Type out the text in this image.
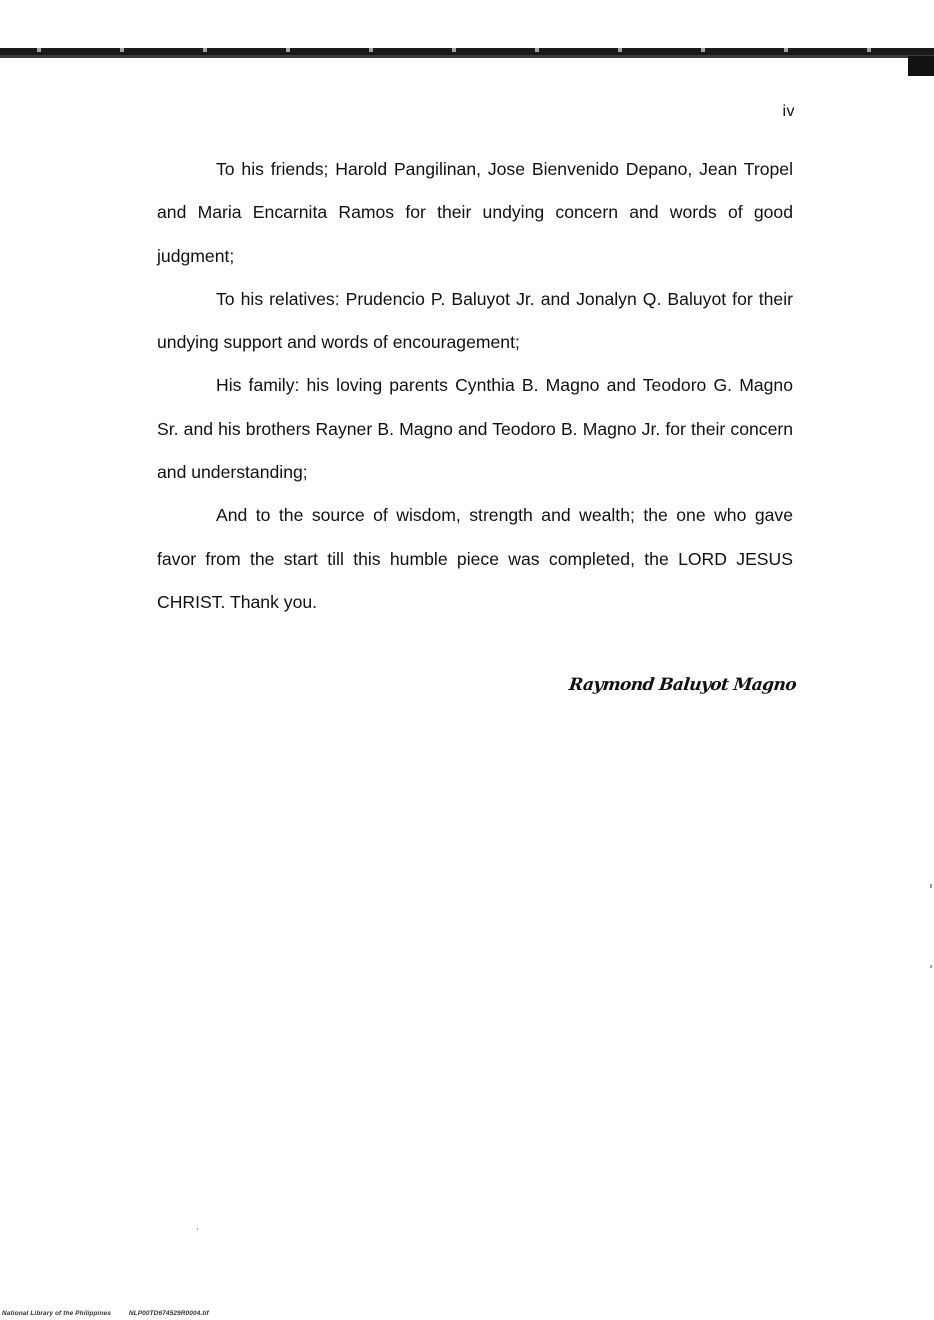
iv

To his friends; Harold Pangilinan, Jose Bienvenido Depano, Jean Tropel and Maria Encarnita Ramos for their undying concern and words of good judgment;

To his relatives: Prudencio P. Baluyot Jr. and Jonalyn Q. Baluyot for their undying support and words of encouragement;

His family: his loving parents Cynthia B. Magno and Teodoro G. Magno Sr. and his brothers Rayner B. Magno and Teodoro B. Magno Jr. for their concern and understanding;

And to the source of wisdom, strength and wealth; the one who gave favor from the start till this humble piece was completed, the LORD JESUS CHRIST. Thank you.

Raymond Baluyot Magno
National Library of the Philippines	NLP00TD674529R0004.tif
